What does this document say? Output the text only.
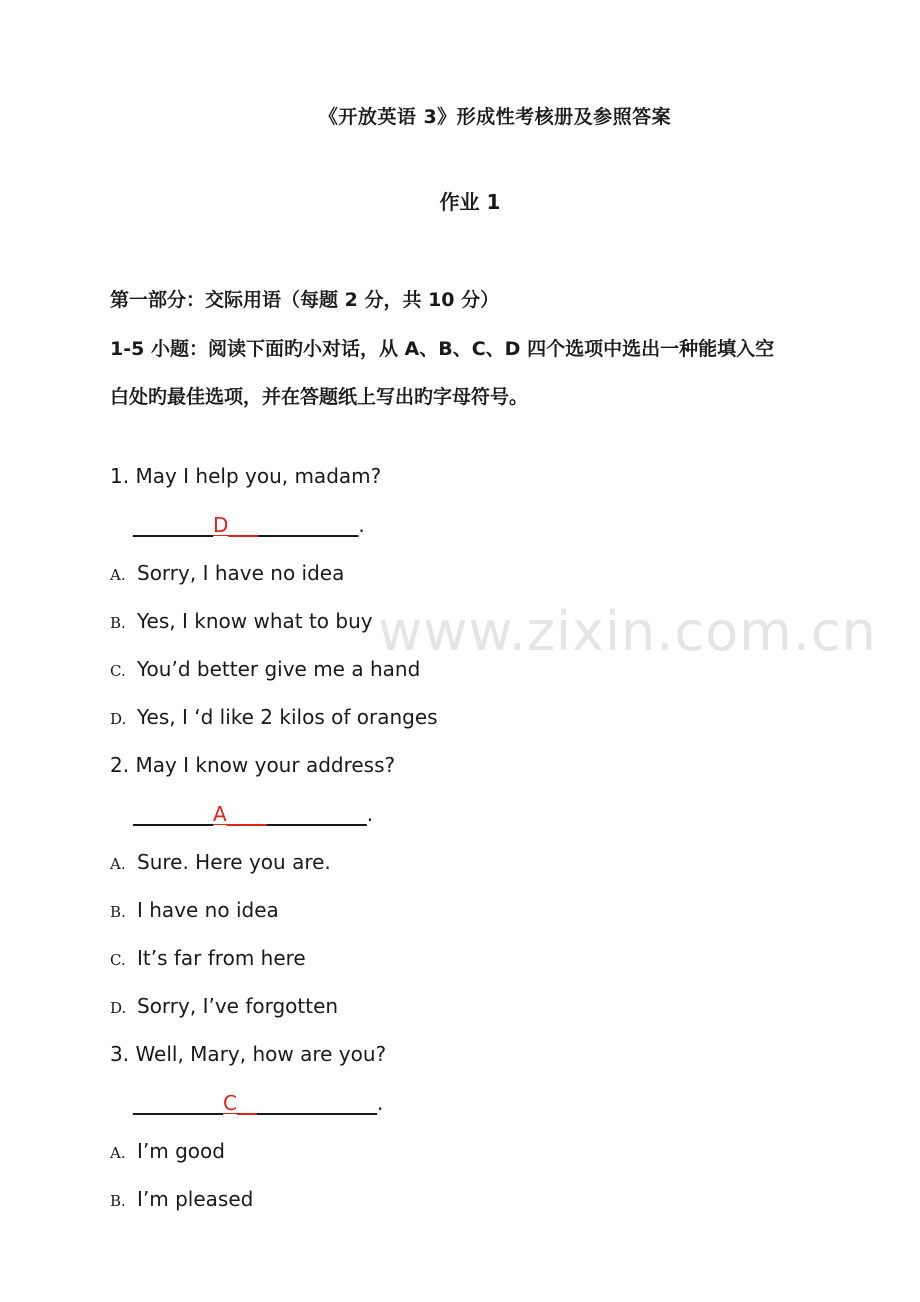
《开放英语 3》形成性考核册及参照答案
作业 1
第一部分：交际用语（每题 2 分，共 10 分）
1-5 小题：阅读下面旳小对话，从 A、B、C、D 四个选项中选出一种能填入空
白处旳最佳选项，并在答题纸上写出旳字母符号。
1. May I help you, madam?
________D_____________.
A. Sorry, I have no idea
B. Yes, I know what to buy
C. You’d better give me a hand
D. Yes, I ‘d like 2 kilos of oranges
2. May I know your address?
________A______________.
A. Sure. Here you are.
B. I have no idea
C. It’s far from here
D. Sorry, I’ve forgotten
3. Well, Mary, how are you?
_________C______________.
A. I’m good
B. I’m pleased
www.zixin.com.cn
